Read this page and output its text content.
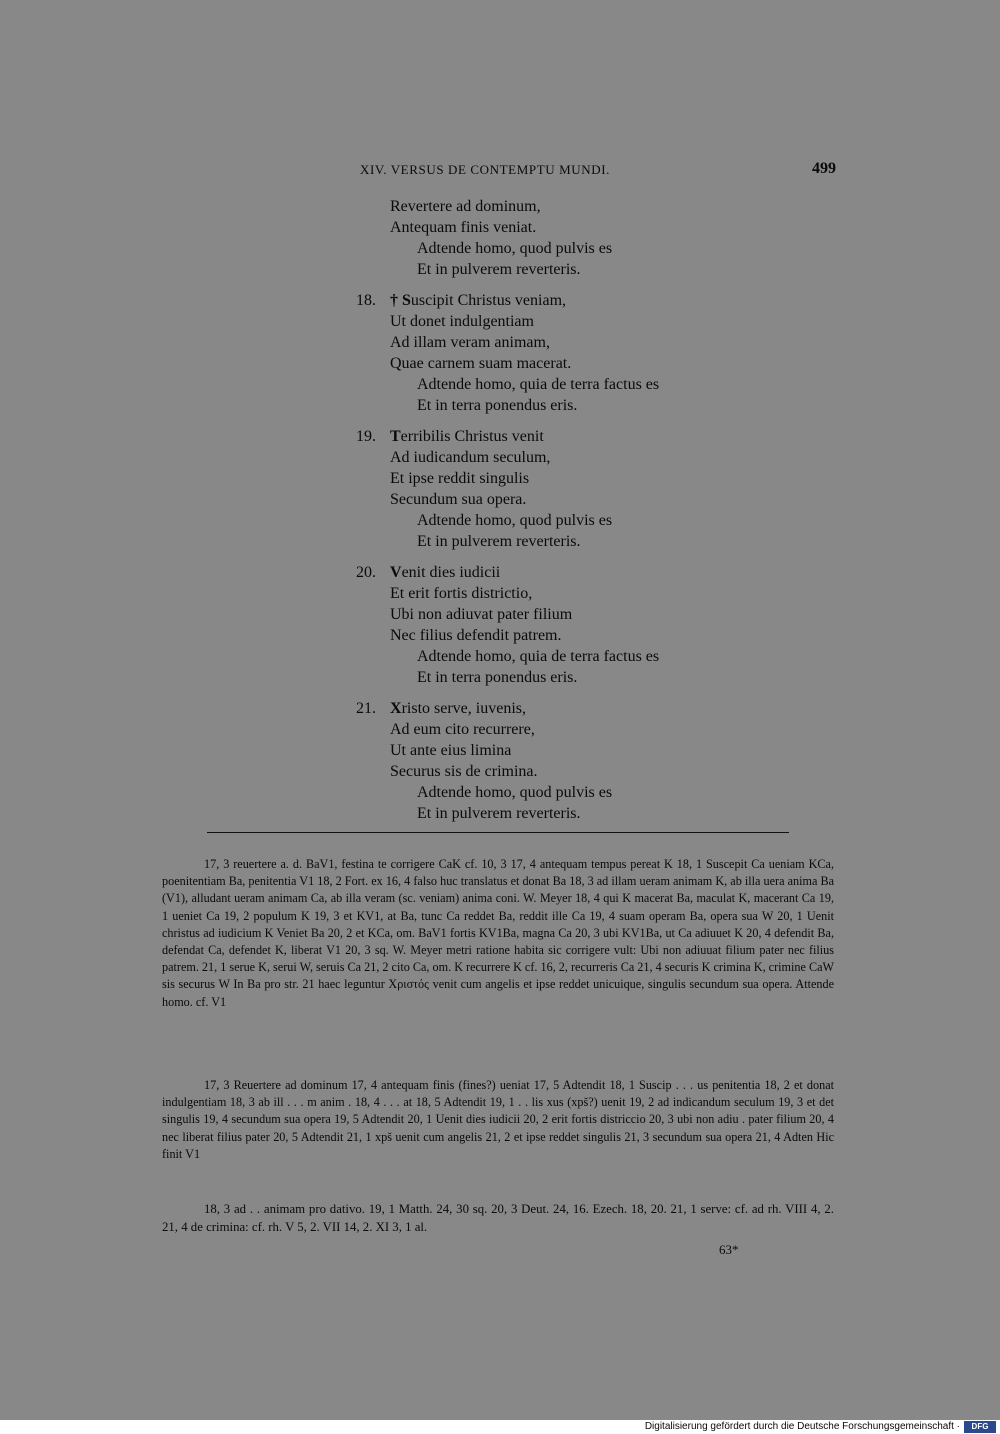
XIV. VERSUS DE CONTEMPTU MUNDI.	499
Revertere ad dominum,
Antequam finis veniat.
Adtende homo, quod pulvis es
Et in pulverem reverteris.
18. † Suscipit Christus veniam,
Ut donet indulgentiam
Ad illam veram animam,
Quae carnem suam macerat.
Adtende homo, quia de terra factus es
Et in terra ponendus eris.
19. Terribilis Christus venit
Ad iudicandum seculum,
Et ipse reddit singulis
Secundum sua opera.
Adtende homo, quod pulvis es
Et in pulverem reverteris.
20. Venit dies iudicii
Et erit fortis districtio,
Ubi non adiuvat pater filium
Nec filius defendit patrem.
Adtende homo, quia de terra factus es
Et in terra ponendus eris.
21. Xristo serve, iuvenis,
Ad eum cito recurrere,
Ut ante eius limina
Securus sis de crimina.
Adtende homo, quod pulvis es
Et in pulverem reverteris.

17, 3 reuertere a. d. BaV1, festina te corrigere CaK cf. 10, 3 17, 4 antequam tempus pereat K 18, 1 Suscepit Ca ueniam KCa, poenitentiam Ba, penitentia V1 18, 2 Fort. ex 16, 4 falso huc translatus et donat Ba 18, 3 ad illam ueram animam K, ab illa uera anima Ba (V1), alludant ueram animam Ca, ab illa veram (sc. veniam) anima coni. W. Meyer 18, 4 qui K macerat Ba, maculat K, macerant Ca 19, 1 ueniet Ca 19, 2 populum K 19, 3 et KV1, at Ba, tunc Ca reddet Ba, reddit ille Ca 19, 4 suam operam Ba, opera sua W 20, 1 Uenit christus ad iudicium K Veniet Ba 20, 2 et KCa, om. BaV1 fortis KV1Ba, magna Ca 20, 3 ubi KV1Ba, ut Ca adiuuet K 20, 4 defendit Ba, defendat Ca, defendet K, liberat V1 20, 3 sq. W. Meyer metri ratione habita sic corrigere vult: Ubi non adiuuat filium pater nec filius patrem. 21, 1 serue K, serui W, seruis Ca 21, 2 cito Ca, om. K recurrere K cf. 16, 2, recurreris Ca 21, 4 securis K crimina K, crimine CaW sis securus W In Ba pro str. 21 haec leguntur Χριστός venit cum angelis et ipse reddet unicuique, singulis secundum sua opera. Attende homo. cf. V1

17, 3 Reuertere ad dominum 17, 4 antequam finis (fines?) ueniat 17, 5 Adtendit 18, 1 Suscip . . . us penitentia 18, 2 et donat indulgentiam 18, 3 ab ill . . . m anim . 18, 4 . . . at 18, 5 Adtendit 19, 1 . . lis xus (xpš?) uenit 19, 2 ad indicandum seculum 19, 3 et det singulis 19, 4 secundum sua opera 19, 5 Adtendit 20, 1 Uenit dies iudicii 20, 2 erit fortis districcio 20, 3 ubi non adiu . pater filium 20, 4 nec liberat filius pater 20, 5 Adtendit 21, 1 xpš uenit cum angelis 21, 2 et ipse reddet singulis 21, 3 secundum sua opera 21, 4 Adten Hic finit V1

18, 3 ad . . animam pro dativo. 19, 1 Matth. 24, 30 sq. 20, 3 Deut. 24, 16. Ezech. 18, 20. 21, 1 serve: cf. ad rh. VIII 4, 2. 21, 4 de crimina: cf. rh. V 5, 2. VII 14, 2. XI 3, 1 al.

63*
Digitalisierung gefördert durch die Deutsche Forschungsgemeinschaft ·	DFG
